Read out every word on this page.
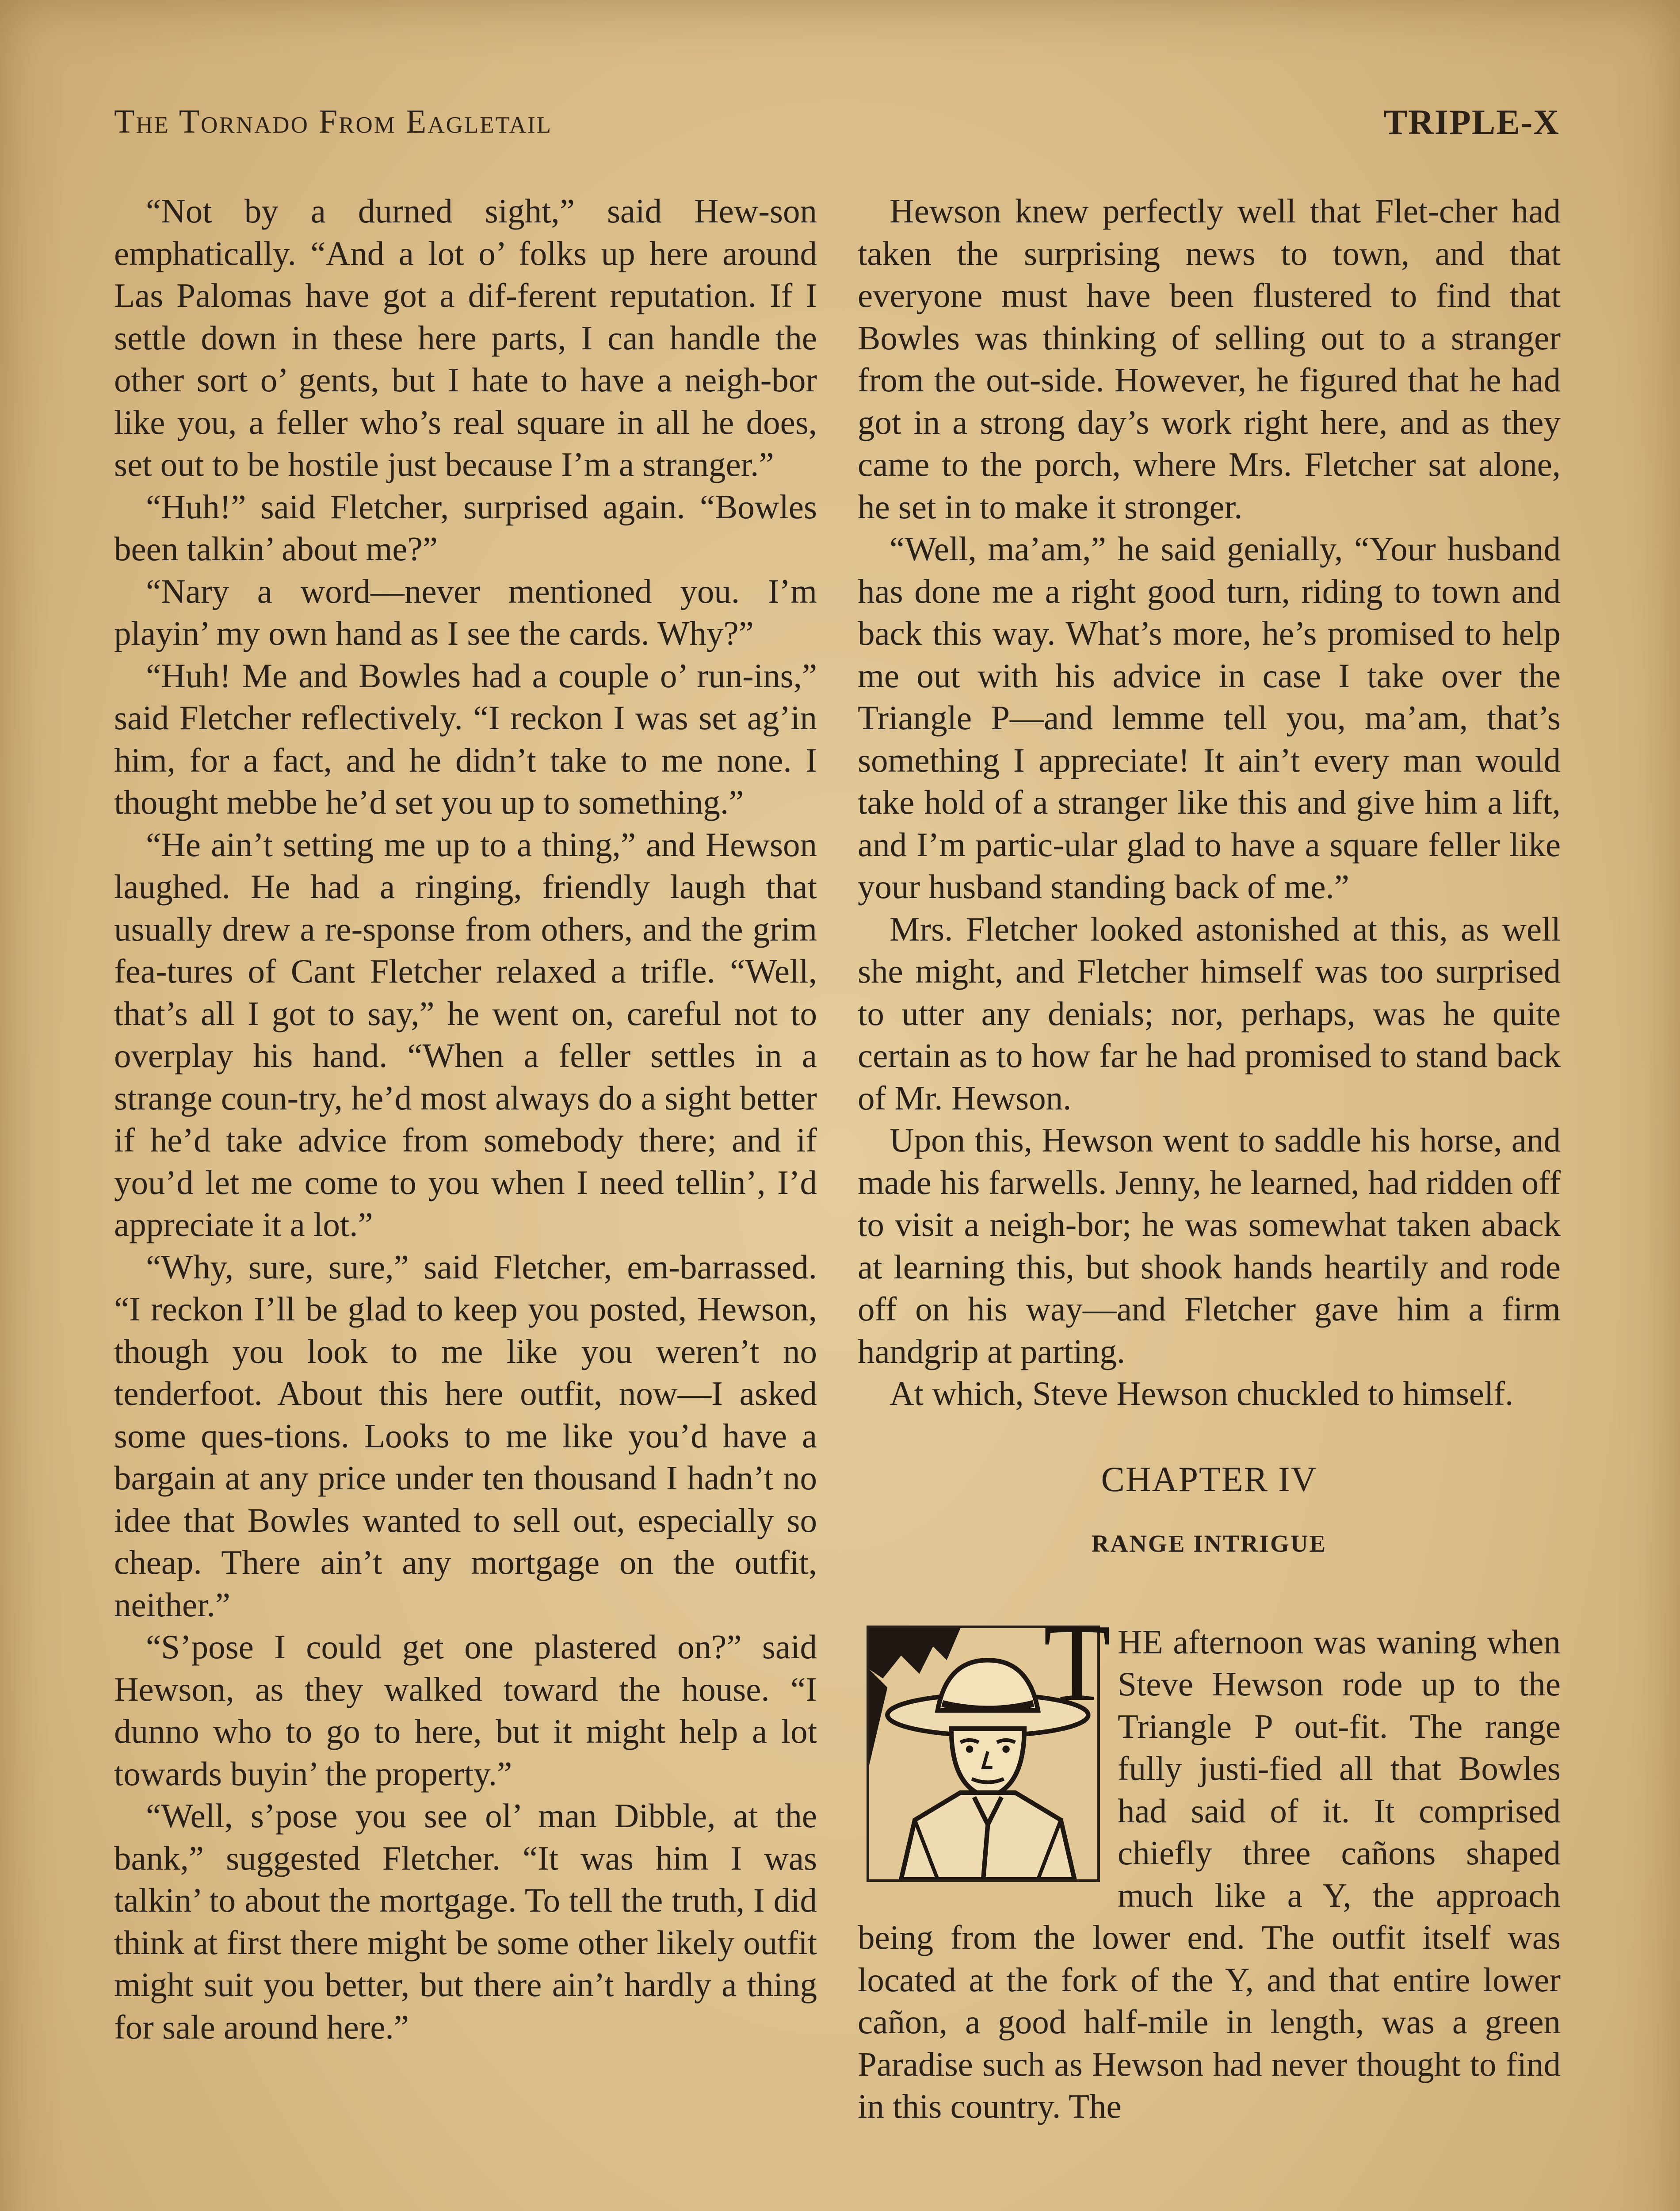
The Tornado From Eagletail	TRIPLE-X

“Not by a durned sight,” said Hew-son emphatically. “And a lot o’ folks up here around Las Palomas have got a dif-ferent reputation. If I settle down in these here parts, I can handle the other sort o’ gents, but I hate to have a neigh-bor like you, a feller who’s real square in all he does, set out to be hostile just because I’m a stranger.”

“Huh!” said Fletcher, surprised again. “Bowles been talkin’ about me?”

“Nary a word—never mentioned you. I’m playin’ my own hand as I see the cards. Why?”

“Huh! Me and Bowles had a couple o’ run-ins,” said Fletcher reflectively. “I reckon I was set ag’in him, for a fact, and he didn’t take to me none. I thought mebbe he’d set you up to something.”

“He ain’t setting me up to a thing,” and Hewson laughed. He had a ringing, friendly laugh that usually drew a re-sponse from others, and the grim fea-tures of Cant Fletcher relaxed a trifle. “Well, that’s all I got to say,” he went on, careful not to overplay his hand. “When a feller settles in a strange coun-try, he’d most always do a sight better if he’d take advice from somebody there; and if you’d let me come to you when I need tellin’, I’d appreciate it a lot.”

“Why, sure, sure,” said Fletcher, em-barrassed. “I reckon I’ll be glad to keep you posted, Hewson, though you look to me like you weren’t no tenderfoot. About this here outfit, now—I asked some ques-tions. Looks to me like you’d have a bargain at any price under ten thousand I hadn’t no idee that Bowles wanted to sell out, especially so cheap. There ain’t any mortgage on the outfit, neither.”

“S’pose I could get one plastered on?” said Hewson, as they walked toward the house. “I dunno who to go to here, but it might help a lot towards buyin’ the property.”

“Well, s’pose you see ol’ man Dibble, at the bank,” suggested Fletcher. “It was him I was talkin’ to about the mortgage. To tell the truth, I did think at first there might be some other likely outfit might suit you better, but there ain’t hardly a thing for sale around here.”

Hewson knew perfectly well that Flet-cher had taken the surprising news to town, and that everyone must have been flustered to find that Bowles was thinking of selling out to a stranger from the out-side. However, he figured that he had got in a strong day’s work right here, and as they came to the porch, where Mrs. Fletcher sat alone, he set in to make it stronger.

“Well, ma’am,” he said genially, “Your husband has done me a right good turn, riding to town and back this way. What’s more, he’s promised to help me out with his advice in case I take over the Triangle P—and lemme tell you, ma’am, that’s something I appreciate! It ain’t every man would take hold of a stranger like this and give him a lift, and I’m partic-ular glad to have a square feller like your husband standing back of me.”

Mrs. Fletcher looked astonished at this, as well she might, and Fletcher himself was too surprised to utter any denials; nor, perhaps, was he quite certain as to how far he had promised to stand back of Mr. Hewson.

Upon this, Hewson went to saddle his horse, and made his farwells. Jenny, he learned, had ridden off to visit a neigh-bor; he was somewhat taken aback at learning this, but shook hands heartily and rode off on his way—and Fletcher gave him a firm handgrip at parting.

At which, Steve Hewson chuckled to himself.

CHAPTER IV
RANGE INTRIGUE
T HE afternoon was waning when Steve Hewson rode up to the Triangle P out-fit. The range fully justi-fied all that Bowles had said of it. It comprised chiefly three cañons shaped much like a Y, the approach being from the lower end. The outfit itself was located at the fork of the Y, and that entire lower cañon, a good half-mile in length, was a green Paradise such as Hewson had never thought to find in this country. The
